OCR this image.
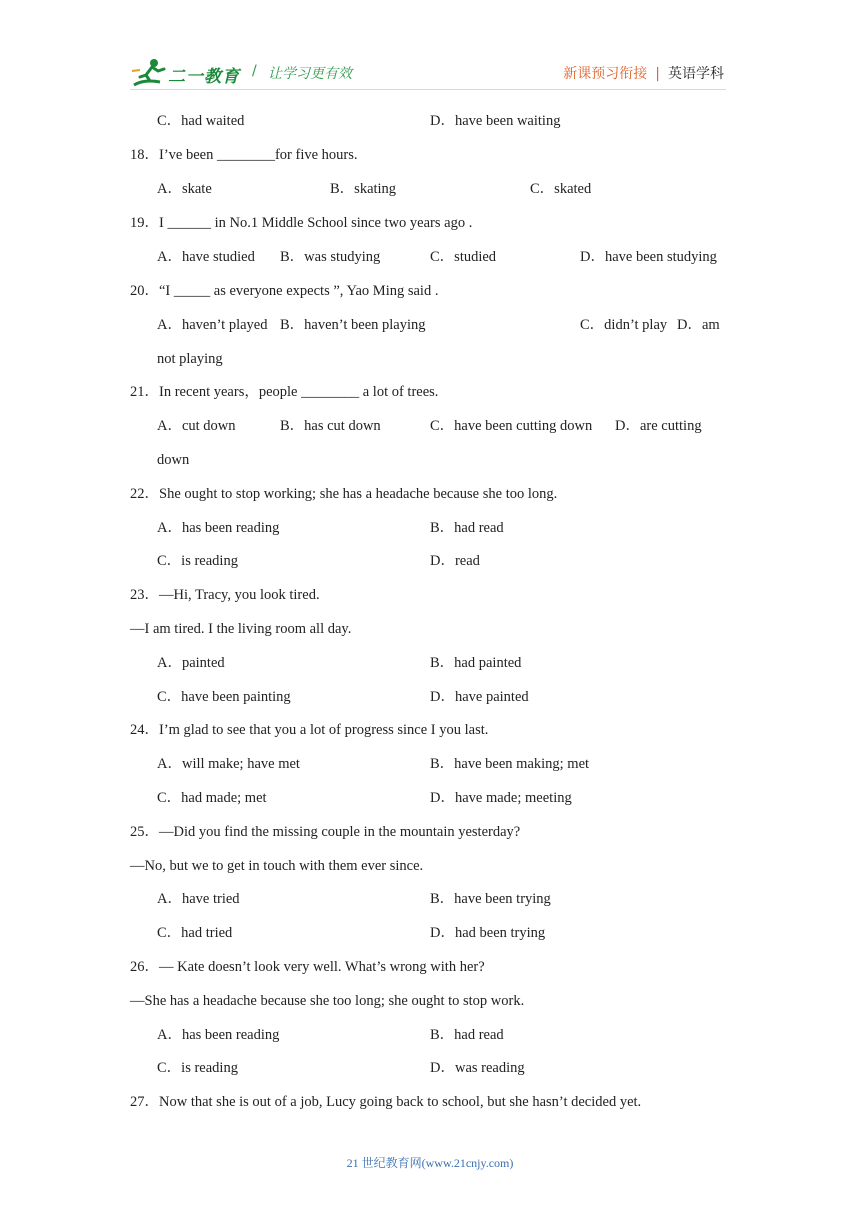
二一教育 / 让学习更有效	新课预习衔接 | 英语学科
C．had waited	D．have been waiting
18．I’ve been ________for five hours.
A．skate	B．skating	C．skated
19．I ______ in No.1 Middle School since two years ago .
A．have studied B．was studying	C．studied	D．have been studying
20．“I _____ as everyone expects ”, Yao Ming said .
A．haven’t played B．haven’t been playing	C．didn’t play D．am
not playing
21．In recent years，people ________ a lot of trees.
A．cut down	B．has cut down	C．have been cutting down D．are cutting
down
22．She ought to stop working; she has a headache because she too long.
A．has been reading	B．had read
C．is reading	D．read
23．—Hi, Tracy, you look tired.
—I am tired. I the living room all day.
A．painted	B．had painted
C．have been painting	D．have painted
24．I’m glad to see that you a lot of progress since I you last.
A．will make; have met	B．have been making; met
C．had made; met	D．have made; meeting
25．—Did you find the missing couple in the mountain yesterday?
—No, but we to get in touch with them ever since.
A．have tried	B．have been trying
C．had tried	D．had been trying
26．— Kate doesn’t look very well. What’s wrong with her?
—She has a headache because she too long; she ought to stop work.
A．has been reading	B．had read
C．is reading	D．was reading
27．Now that she is out of a job, Lucy going back to school, but she hasn’t decided yet.
21 世纪教育网(www.21cnjy.com)
